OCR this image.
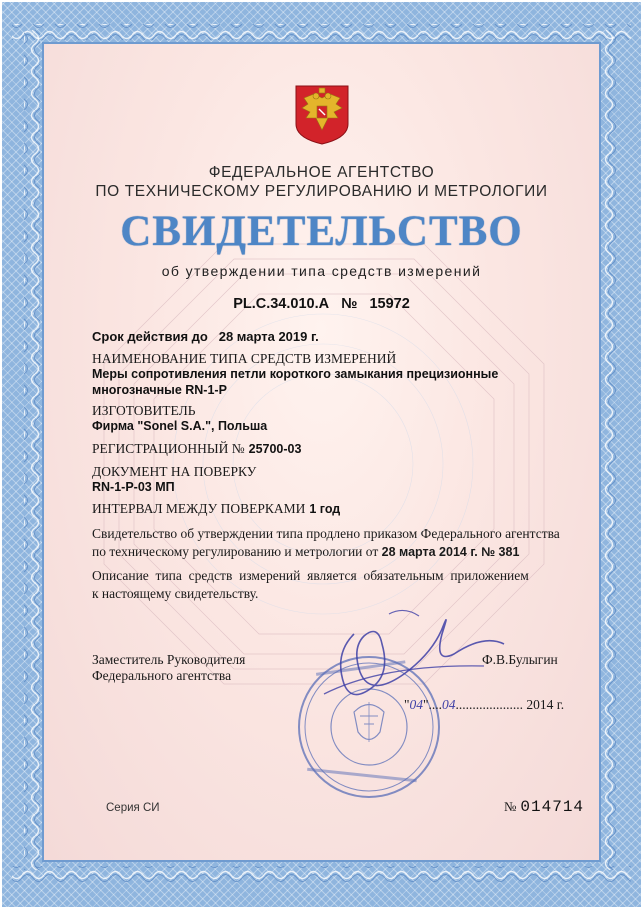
ФЕДЕРАЛЬНОЕ АГЕНТСТВО
ПО ТЕХНИЧЕСКОМУ РЕГУЛИРОВАНИЮ И МЕТРОЛОГИИ
СВИДЕТЕЛЬСТВО
об утверждении типа средств измерений
PL.C.34.010.A № 15972
Срок действия до 28 марта 2019 г.
НАИМЕНОВАНИЕ ТИПА СРЕДСТВ ИЗМЕРЕНИЙ
Меры сопротивления петли короткого замыкания прецизионные
многозначные RN-1-P
ИЗГОТОВИТЕЛЬ
Фирма "Sonel S.A.", Польша
РЕГИСТРАЦИОННЫЙ № 25700-03
ДОКУМЕНТ НА ПОВЕРКУ
RN-1-P-03 МП
ИНТЕРВАЛ МЕЖДУ ПОВЕРКАМИ 1 год
Свидетельство об утверждении типа продлено приказом Федерального агентства
по техническому регулированию и метрологии от 28 марта 2014 г. № 381
Описание  типа  средств  измерений  является  обязательным  приложением
к настоящему свидетельству.
Заместитель Руководителя
Федерального агентства
Ф.В.Булыгин
"04"....04.................... 2014 г.
Серия СИ	№ 014714
